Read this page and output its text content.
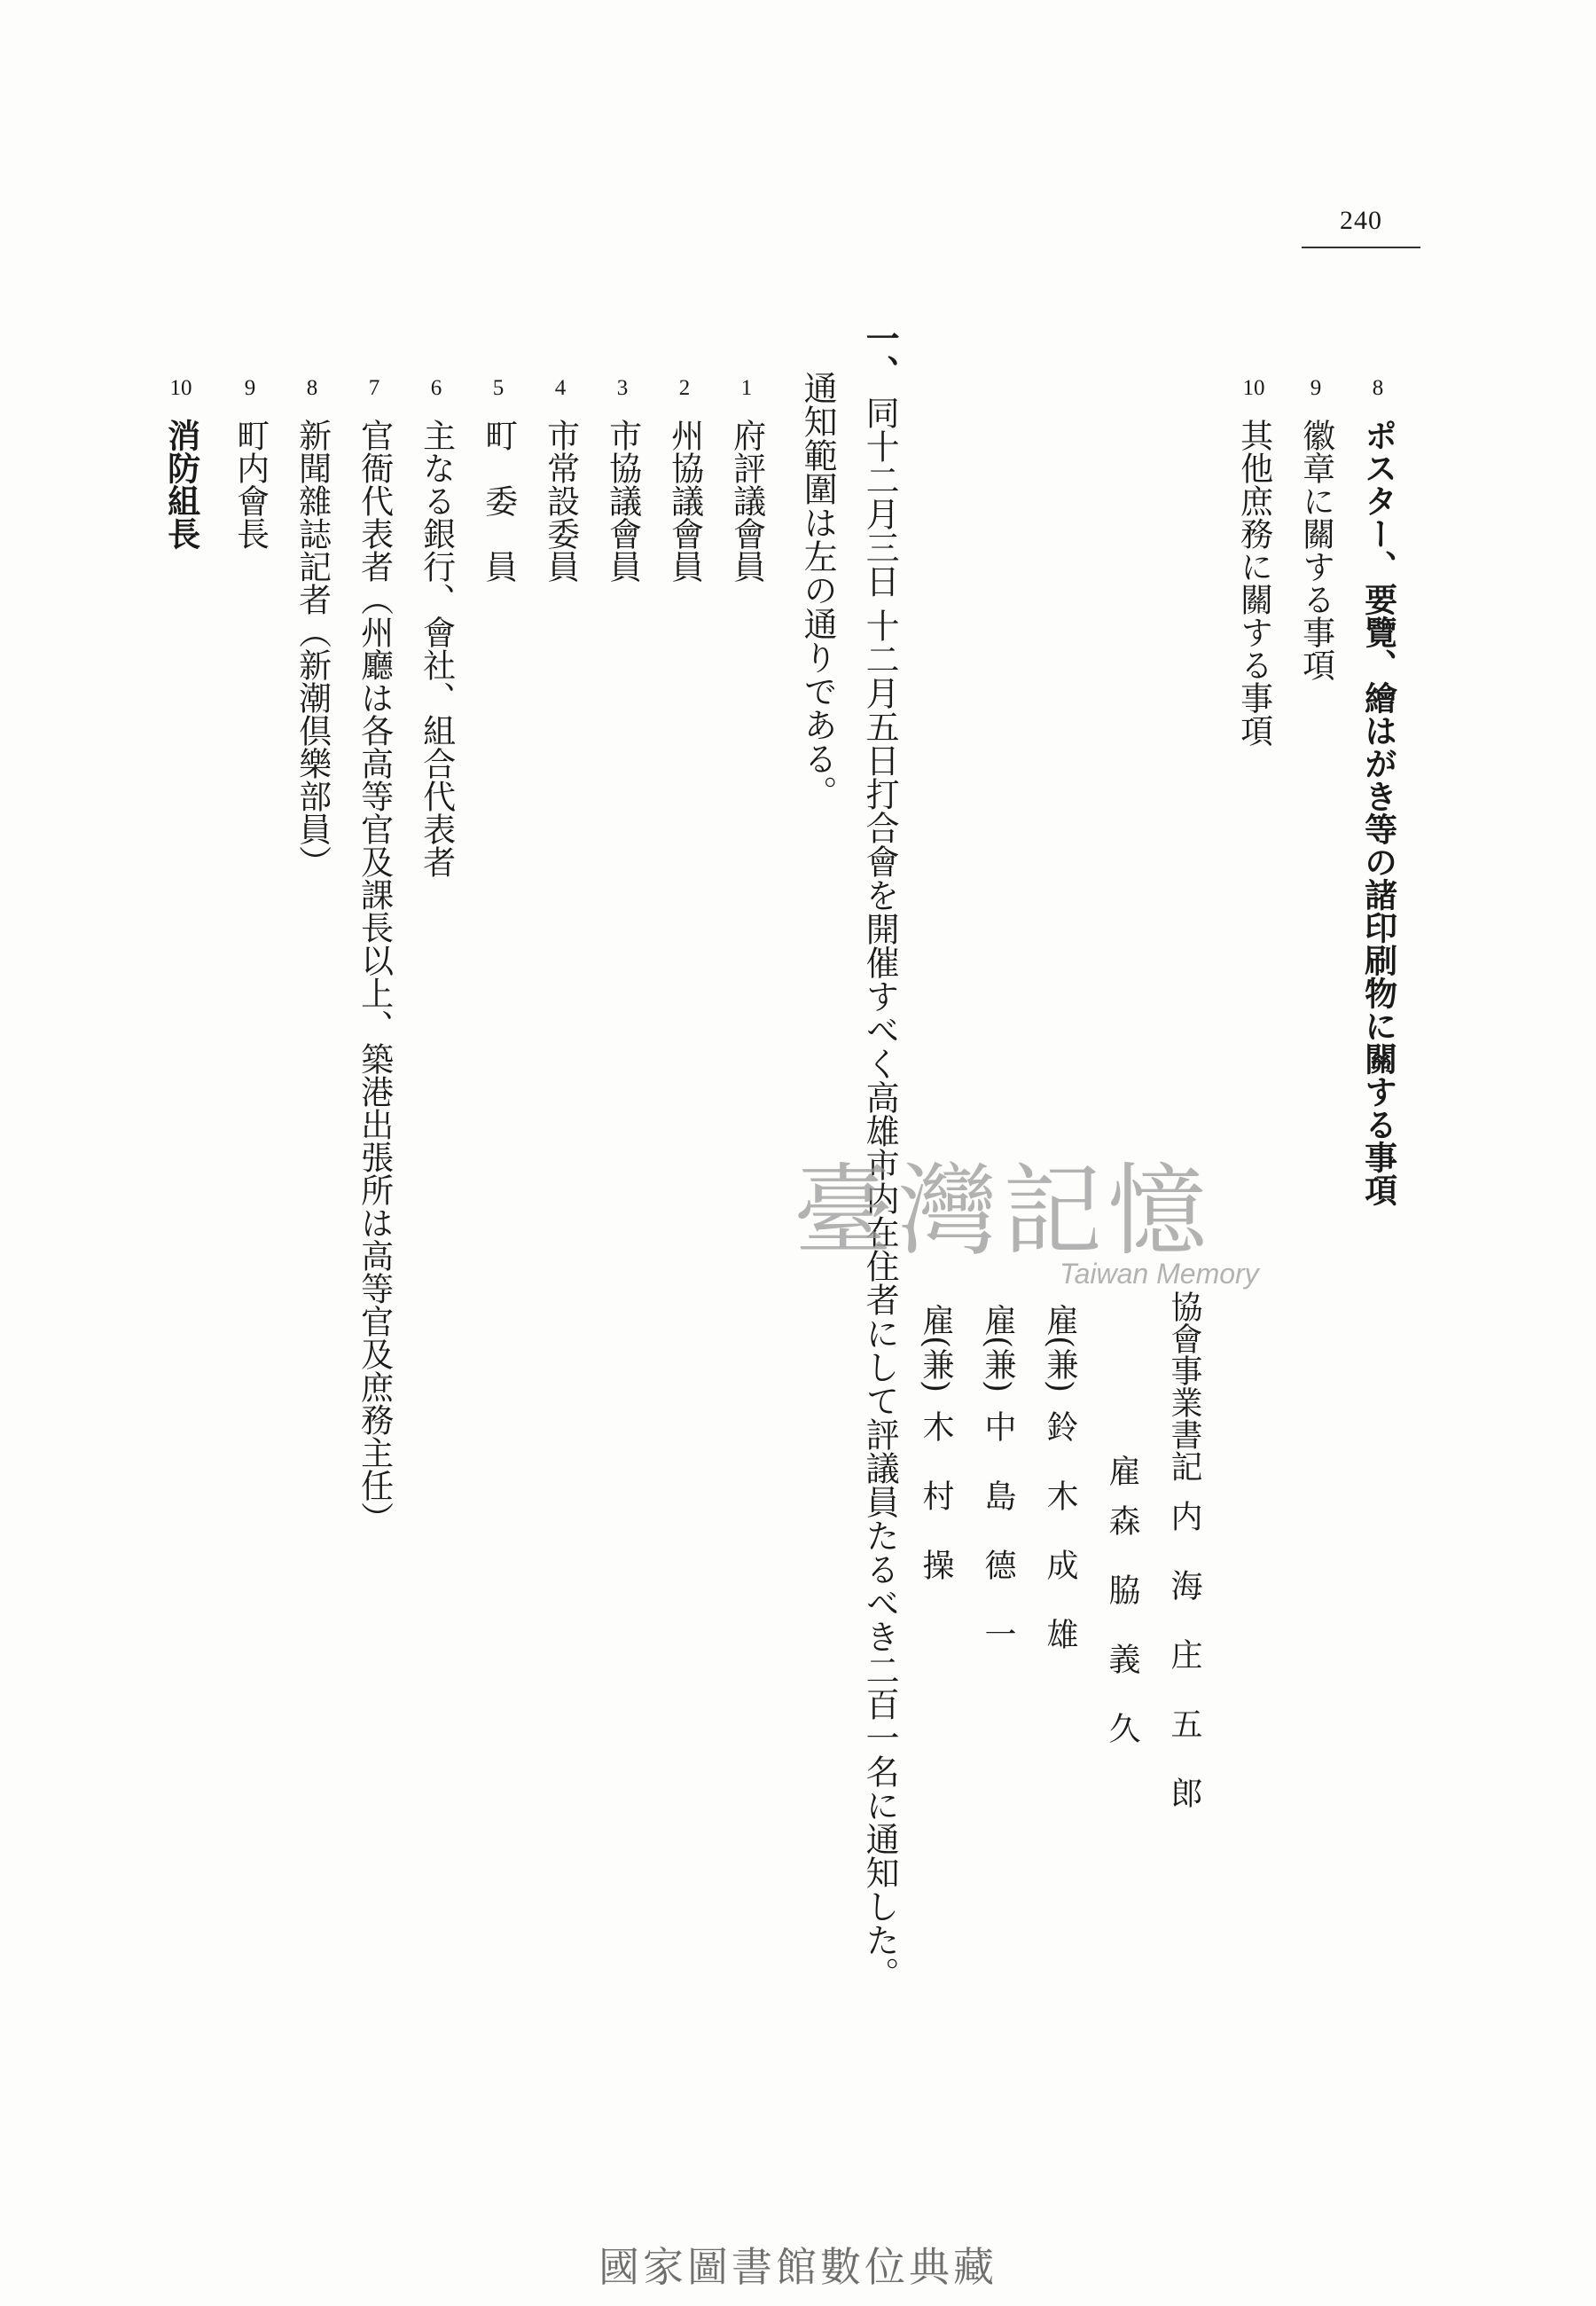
240
8
ポスター、要覽、繪はがき等の諸印刷物に關する事項
9
徽章に關する事項
10
其他庶務に關する事項
協會事業書記
内海庄五郎
雇
森脇義久
雇(兼)
鈴木成雄
雇(兼)
中島德一
雇(兼)
木村操
一、
同十二月三日 十二月五日打合會を開催すべく高雄市内在住者にして評議員たるべき二百一名に通知した。
通知範圍は左の通りである。
1
府評議會員
2
州協議會員
3
市協議會員
4
市常設委員
5
町　委　員
6
主なる銀行、會社、組合代表者
7
官衙代表者（州廳は各高等官及課長以上、築港出張所は高等官及庶務主任）
8
新聞雜誌記者（新潮倶樂部員）
9
町内會長
10
消防組長
臺灣記憶
Taiwan Memory
國家圖書館數位典藏
